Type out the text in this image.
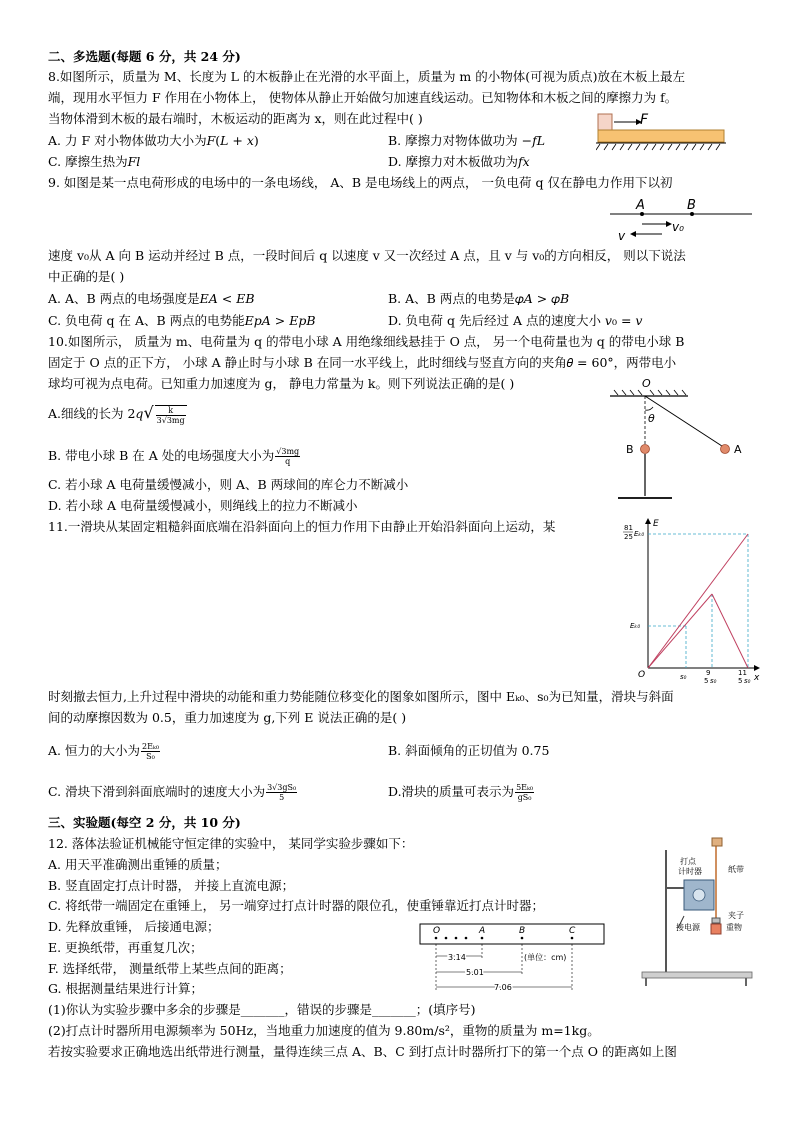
二、多选题(每题 6 分，共 24 分)
8.如图所示，质量为 M、长度为 L 的木板静止在光滑的水平面上，质量为 m 的小物体(可视为质点)放在木板上最左
端，现用水平恒力 F 作用在小物体上， 使物体从静止开始做匀加速直线运动。已知物体和木板之间的摩擦力为 f。
当物体滑到木板的最右端时，木板运动的距离为 x，则在此过程中( )
A. 力 F 对小物体做功大小为𝐹(𝐿 + 𝑥)	B. 摩擦力对物体做功为 −𝑓𝐿
C. 摩擦生热为𝐹𝑙	D. 摩擦力对木板做功为𝑓𝑥
F
9. 如图是某一点电荷形成的电场中的一条电场线， A、B 是电场线上的两点， 一负电荷 q 仅在静电力作用下以初
A	B
v₀
v
速度 v₀从 A 向 B 运动并经过 B 点，一段时间后 q 以速度 v 又一次经过 A 点，且 v 与 v₀的方向相反， 则以下说法
中正确的是( )
A. A、B 两点的电场强度是𝐸𝐴 < 𝐸𝐵	B. A、B 两点的电势是𝜑𝐴 > 𝜑𝐵
C. 负电荷 q 在 A、B 两点的电势能𝐸𝑝𝐴 > 𝐸𝑝𝐵	D. 负电荷 q 先后经过 A 点的速度大小 𝑣₀ = 𝑣
10.如图所示， 质量为 m、电荷量为 q 的带电小球 A 用绝缘细线悬挂于 O 点， 另一个电荷量也为 q 的带电小球 B
固定于 O 点的正下方， 小球 A 静止时与小球 B 在同一水平线上，此时细线与竖直方向的夹角𝜃 = 60°，两带电小
球均可视为点电荷。已知重力加速度为 g， 静电力常量为 k。则下列说法正确的是( )
A.细线的长为 2𝑞√ $\frac{k}{3√3mg}$
B. 带电小球 B 在 A 处的电场强度大小为 $\frac{√3mg}{q}$
C. 若小球 A 电荷量缓慢减小，则 A、B 两球间的库仑力不断减小
D. 若小球 A 电荷量缓慢减小，则绳线上的拉力不断减小
O
θ
A
B
11.一滑块从某固定粗糙斜面底端在沿斜面向上的恒力作用下由静止开始沿斜面向上运动，某	E
x
O
81
25 Eₖ₀
Eₖ₀
s₀	9
5 s₀
11
5 s₀
时刻撤去恒力,上升过程中滑块的动能和重力势能随位移变化的图象如图所示，图中 Eₖ₀、s₀为已知量，滑块与斜面
间的动摩擦因数为 0.5，重力加速度为 g,下列 E 说法正确的是( )
A. 恒力的大小为 $\frac{\text{2Eₖ₀}}{\text{S₀}}$	B. 斜面倾角的正切值为 0.75
C. 滑块下滑到斜面底端时的速度大小为 $\frac{\text{3√3gS₀}}{5}$	D.滑块的质量可表示为 $\frac{\text{5Eₖ₀}}{\text{gS₀}}$
三、实验题(每空 2 分，共 10 分)
12. 落体法验证机械能守恒定律的实验中， 某同学实验步骤如下：
A. 用天平准确测出重锤的质量；
B. 竖直固定打点计时器， 并接上直流电源；
C. 将纸带一端固定在重锤上， 另一端穿过打点计时器的限位孔，使重锤靠近打点计时器；
D. 先释放重锤， 后接通电源；
E. 更换纸带，再重复几次；
F. 选择纸带， 测量纸带上某些点间的距离；
G. 根据测量结果进行计算；
(1)你认为实验步骤中多余的步骤是_______，错误的步骤是_______；(填序号)
(2)打点计时器所用电源频率为 50Hz，当地重力加速度的值为 9.80m/s²，重物的质量为 m=1kg。
若按实验要求正确地选出纸带进行测量，量得连续三点 A、B、C 到打点计时器所打下的第一个点 O 的距离如上图
O	A	B	C
3.14	(单位：cm)
5.01
7.06
打点
计时器	纸带
夹子
接电源	重物
